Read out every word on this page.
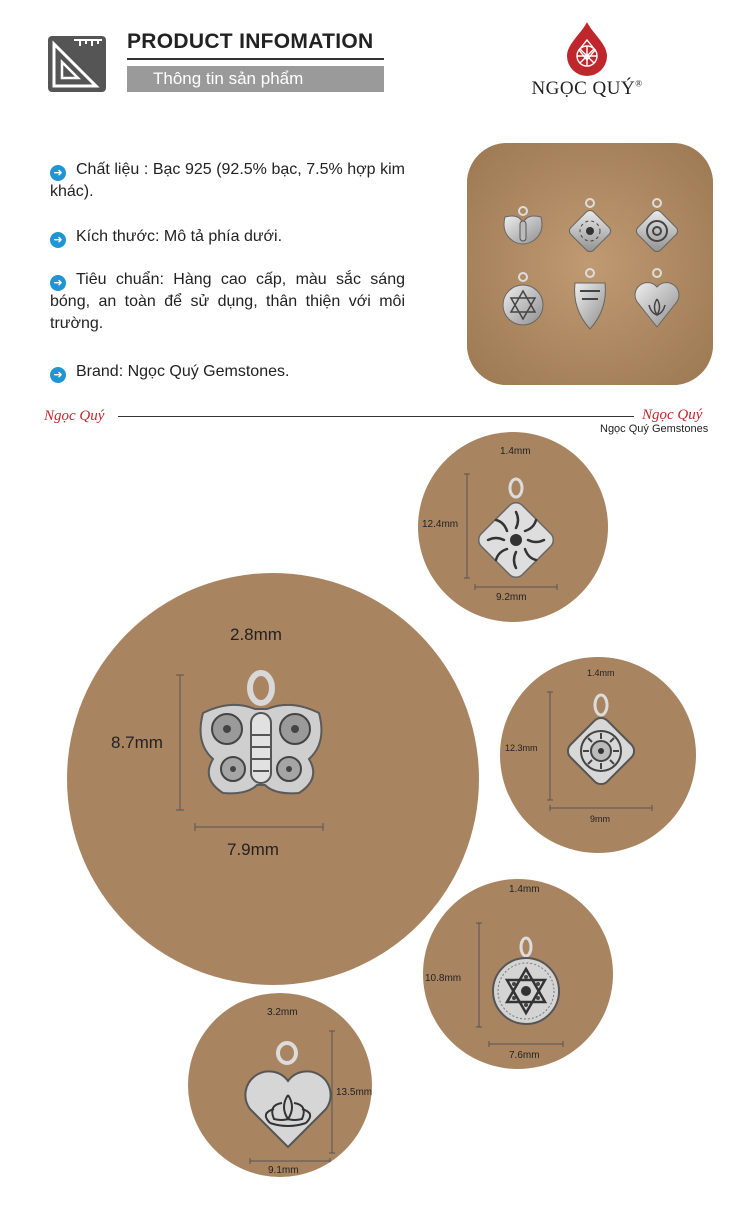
PRODUCT INFOMATION
Thông tin sản phẩm	NGỌC QUÝ®
➜ Chất liệu : Bạc 925 (92.5% bạc, 7.5% hợp kim khác).
➜ Kích thước: Mô tả phía dưới.
➜ Tiêu chuẩn: Hàng cao cấp, màu sắc sáng bóng, an toàn để sử dụng, thân thiện với môi trường.
➜ Brand: Ngọc Quý Gemstones.
Ngọc Quý	Ngọc Quý
Ngọc Quý Gemstones
2.8mm
8.7mm
7.9mm
1.4mm
12.4mm
9.2mm
1.4mm
12.3mm
9mm
1.4mm
10.8mm
7.6mm
3.2mm
13.5mm
9.1mm
